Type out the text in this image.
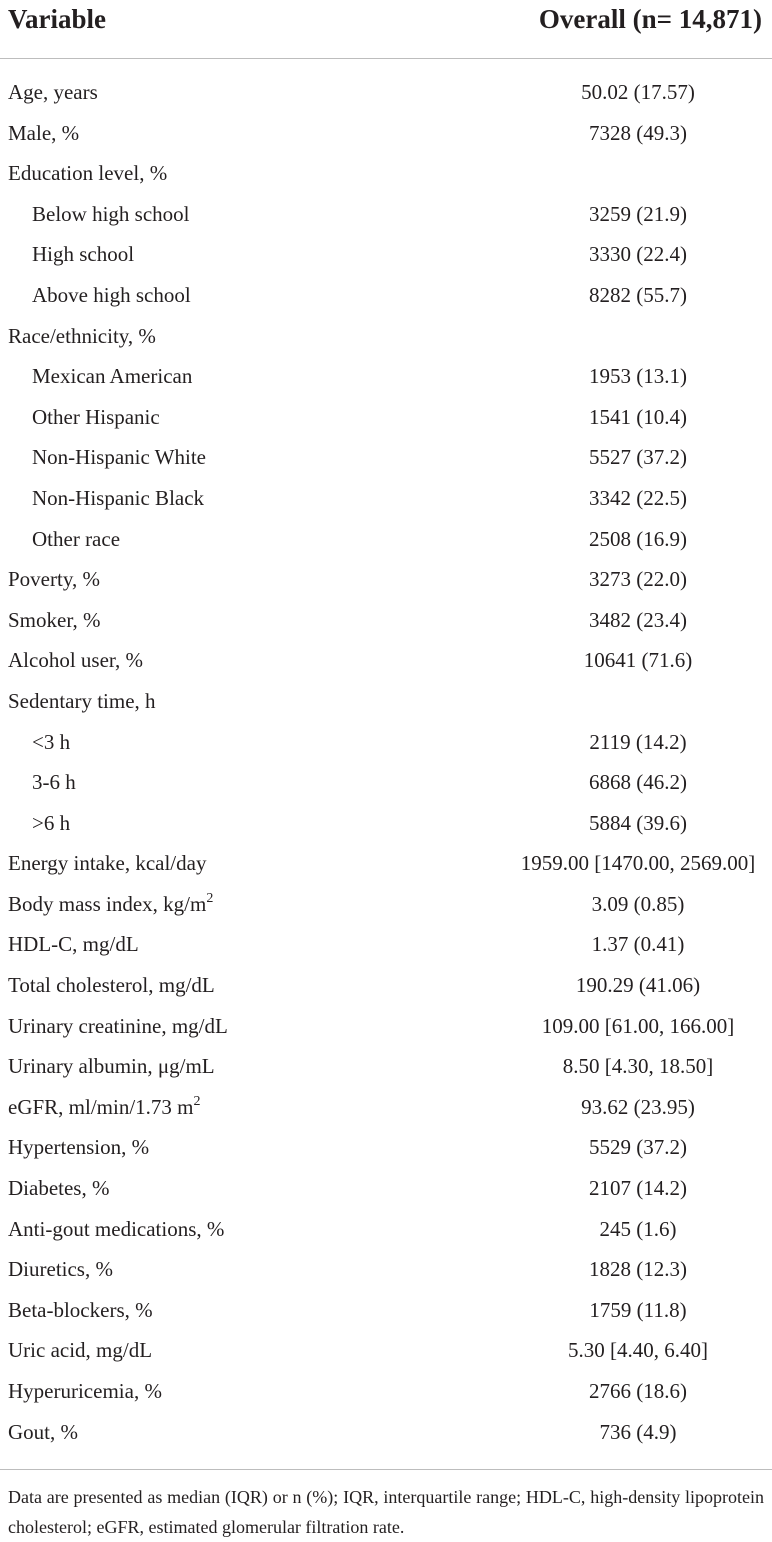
Variable	Overall (n= 14,871)
Age, years	50.02 (17.57)
Male, %	7328 (49.3)
Education level, %
Below high school	3259 (21.9)
High school	3330 (22.4)
Above high school	8282 (55.7)
Race/ethnicity, %
Mexican American	1953 (13.1)
Other Hispanic	1541 (10.4)
Non-Hispanic White	5527 (37.2)
Non-Hispanic Black	3342 (22.5)
Other race	2508 (16.9)
Poverty, %	3273 (22.0)
Smoker, %	3482 (23.4)
Alcohol user, %	10641 (71.6)
Sedentary time, h
<3 h	2119 (14.2)
3-6 h	6868 (46.2)
>6 h	5884 (39.6)
Energy intake, kcal/day	1959.00 [1470.00, 2569.00]
Body mass index, $kg/m^2$	3.09 (0.85)
HDL-C, mg/dL	1.37 (0.41)
Total cholesterol, mg/dL	190.29 (41.06)
Urinary creatinine, mg/dL	109.00 [61.00, 166.00]
Urinary albumin, μg/mL	8.50 [4.30, 18.50]
eGFR, ml/min/1.73 $m^2$	93.62 (23.95)
Hypertension, %	5529 (37.2)
Diabetes, %	2107 (14.2)
Anti-gout medications, %	245 (1.6)
Diuretics, %	1828 (12.3)
Beta-blockers, %	1759 (11.8)
Uric acid, mg/dL	5.30 [4.40, 6.40]
Hyperuricemia, %	2766 (18.6)
Gout, %	736 (4.9)
Data are presented as median (IQR) or n (%); IQR, interquartile range; HDL-C, high-density lipoprotein cholesterol; eGFR, estimated glomerular filtration rate.
